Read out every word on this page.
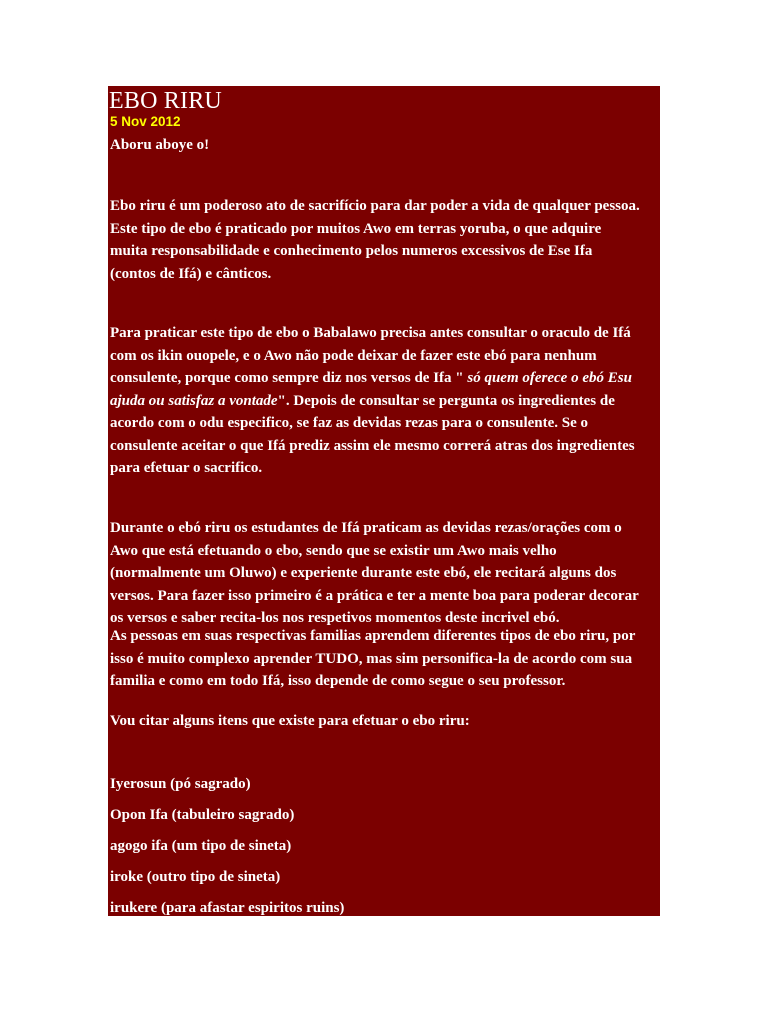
EBO RIRU
5 Nov 2012

Aboru aboye o!

Ebo riru é um poderoso ato de sacrifício para dar poder a vida de qualquer pessoa.
Este tipo de ebo é praticado por muitos Awo em terras yoruba, o que adquire
muita responsabilidade e conhecimento pelos numeros excessivos de Ese Ifa
(contos de Ifá) e cânticos.
Para praticar este tipo de ebo o Babalawo precisa antes consultar o oraculo de Ifá
com os ikin ouopele, e o Awo não pode deixar de fazer este ebó para nenhum
consulente, porque como sempre diz nos versos de Ifa " só quem oferece o ebó Esu
ajuda ou satisfaz a vontade". Depois de consultar se pergunta os ingredientes de
acordo com o odu especifico, se faz as devidas rezas para o consulente. Se o
consulente aceitar o que Ifá prediz assim ele mesmo correrá atras dos ingredientes
para efetuar o sacrifico.
Durante o ebó riru os estudantes de Ifá praticam as devidas rezas/orações com o
Awo que está efetuando o ebo, sendo que se existir um Awo mais velho
(normalmente um Oluwo) e experiente durante este ebó, ele recitará alguns dos
versos. Para fazer isso primeiro é a prática e ter a mente boa para poderar decorar
os versos e saber recita-los nos respetivos momentos deste incrivel ebó.
As pessoas em suas respectivas familias aprendem diferentes tipos de ebo riru, por
isso é muito complexo aprender TUDO, mas sim personifica-la de acordo com sua
familia e como em todo Ifá, isso depende de como segue o seu professor.

Vou citar alguns itens que existe para efetuar o ebo riru:

Iyerosun (pó sagrado)

Opon Ifa (tabuleiro sagrado)

agogo ifa (um tipo de sineta)

iroke (outro tipo de sineta)

irukere (para afastar espiritos ruins)
